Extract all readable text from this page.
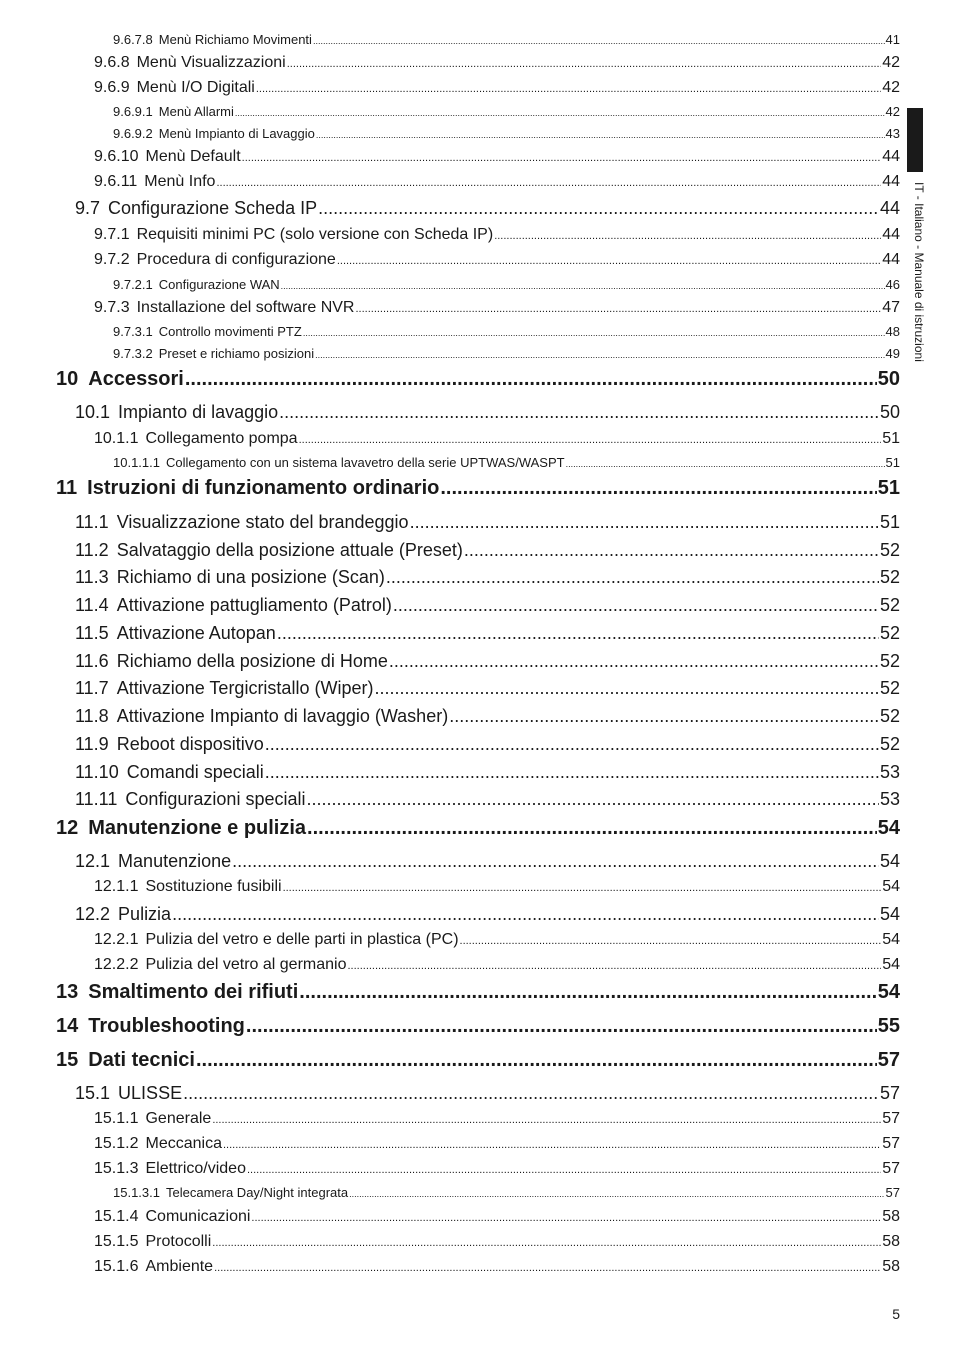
9.6.7.8 Menù Richiamo Movimenti .....	41
9.6.8 Menù Visualizzazioni .....	42
9.6.9 Menù I/O Digitali .....	42
9.6.9.1 Menù Allarmi .....	42
9.6.9.2 Menù Impianto di Lavaggio .....	43
9.6.10 Menù Default .....	44
9.6.11 Menù Info .....	44
9.7 Configurazione Scheda IP .....	44
9.7.1 Requisiti minimi PC (solo versione con Scheda IP) .....	44
9.7.2 Procedura di configurazione .....	44
9.7.2.1 Configurazione WAN .....	46
9.7.3 Installazione del software NVR .....	47
9.7.3.1 Controllo movimenti PTZ .....	48
9.7.3.2 Preset e richiamo posizioni .....	49
10 Accessori .....	50
10.1 Impianto di lavaggio .....	50
10.1.1 Collegamento pompa .....	51
10.1.1.1 Collegamento con un sistema lavavetro della serie UPTWAS/WASPT .....	51
11 Istruzioni di funzionamento ordinario .....	51
11.1 Visualizzazione stato del brandeggio .....	51
11.2 Salvataggio della posizione attuale (Preset) .....	52
11.3 Richiamo di una posizione (Scan) .....	52
11.4 Attivazione pattugliamento (Patrol) .....	52
11.5 Attivazione Autopan .....	52
11.6 Richiamo della posizione di Home .....	52
11.7 Attivazione Tergicristallo (Wiper) .....	52
11.8 Attivazione Impianto di lavaggio (Washer) .....	52
11.9 Reboot dispositivo .....	52
11.10 Comandi speciali .....	53
11.11 Configurazioni speciali .....	53
12 Manutenzione e pulizia .....	54
12.1 Manutenzione .....	54
12.1.1 Sostituzione fusibili .....	54
12.2 Pulizia .....	54
12.2.1 Pulizia del vetro e delle parti in plastica (PC) .....	54
12.2.2 Pulizia del vetro al germanio .....	54
13 Smaltimento dei rifiuti .....	54
14 Troubleshooting .....	55
15 Dati tecnici .....	57
15.1 ULISSE .....	57
15.1.1 Generale .....	57
15.1.2 Meccanica .....	57
15.1.3 Elettrico/video .....	57
15.1.3.1 Telecamera Day/Night integrata .....	57
15.1.4 Comunicazioni .....	58
15.1.5 Protocolli .....	58
15.1.6 Ambiente .....	58
IT - Italiano - Manuale di istruzioni
5
